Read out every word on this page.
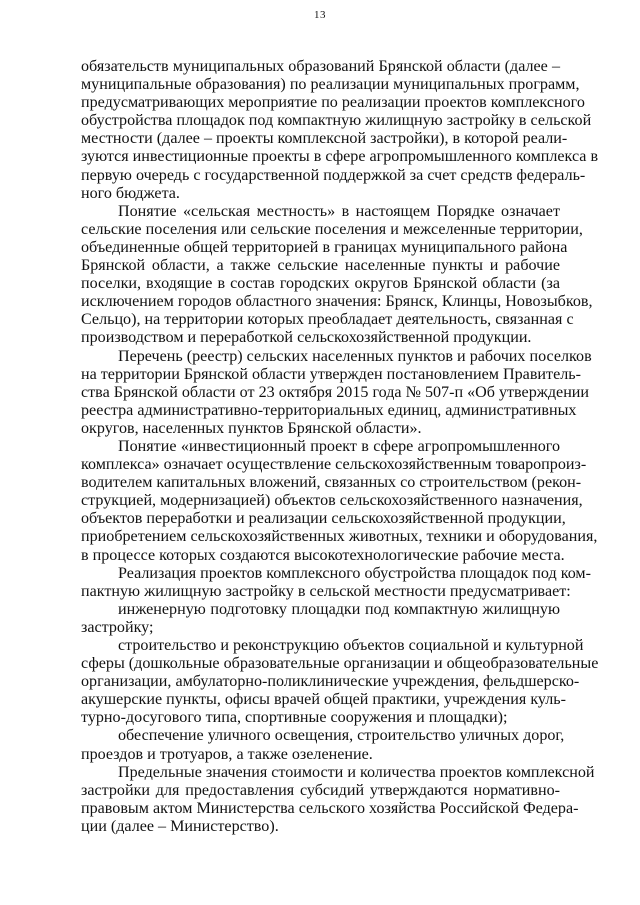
13
обязательств муниципальных образований Брянской области (далее –
муниципальные образования) по реализации муниципальных программ,
предусматривающих мероприятие по реализации проектов комплексного
обустройства площадок под компактную жилищную застройку в сельской
местности (далее – проекты комплексной застройки), в которой реали-
зуются инвестиционные проекты в сфере агропромышленного комплекса в
первую очередь с государственной поддержкой за счет средств федераль-
ного бюджета.
Понятие «сельская местность» в настоящем Порядке означает
сельские поселения или сельские поселения и межселенные территории,
объединенные общей территорией в границах муниципального района
Брянской области, а также сельские населенные пункты и рабочие
поселки, входящие в состав городских округов Брянской области (за
исключением городов областного значения: Брянск, Клинцы, Новозыбков,
Сельцо), на территории которых преобладает деятельность, связанная с
производством и переработкой сельскохозяйственной продукции.
Перечень (реестр) сельских населенных пунктов и рабочих поселков
на территории Брянской области утвержден постановлением Правитель-
ства Брянской области от 23 октября 2015 года № 507-п «Об утверждении
реестра административно-территориальных единиц, административных
округов, населенных пунктов Брянской области».
Понятие «инвестиционный проект в сфере агропромышленного
комплекса» означает осуществление сельскохозяйственным товаропроиз-
водителем капитальных вложений, связанных со строительством (рекон-
струкцией, модернизацией) объектов сельскохозяйственного назначения,
объектов переработки и реализации сельскохозяйственной продукции,
приобретением сельскохозяйственных животных, техники и оборудования,
в процессе которых создаются высокотехнологические рабочие места.
Реализация проектов комплексного обустройства площадок под ком-
пактную жилищную застройку в сельской местности предусматривает:
инженерную подготовку площадки под компактную жилищную
застройку;
строительство и реконструкцию объектов социальной и культурной
сферы (дошкольные образовательные организации и общеобразовательные
организации, амбулаторно-поликлинические учреждения, фельдшерско-
акушерские пункты, офисы врачей общей практики, учреждения куль-
турно-досугового типа, спортивные сооружения и площадки);
обеспечение уличного освещения, строительство уличных дорог,
проездов и тротуаров, а также озеленение.
Предельные значения стоимости и количества проектов комплексной
застройки для предоставления субсидий утверждаются нормативно-
правовым актом Министерства сельского хозяйства Российской Федера-
ции (далее – Министерство).
